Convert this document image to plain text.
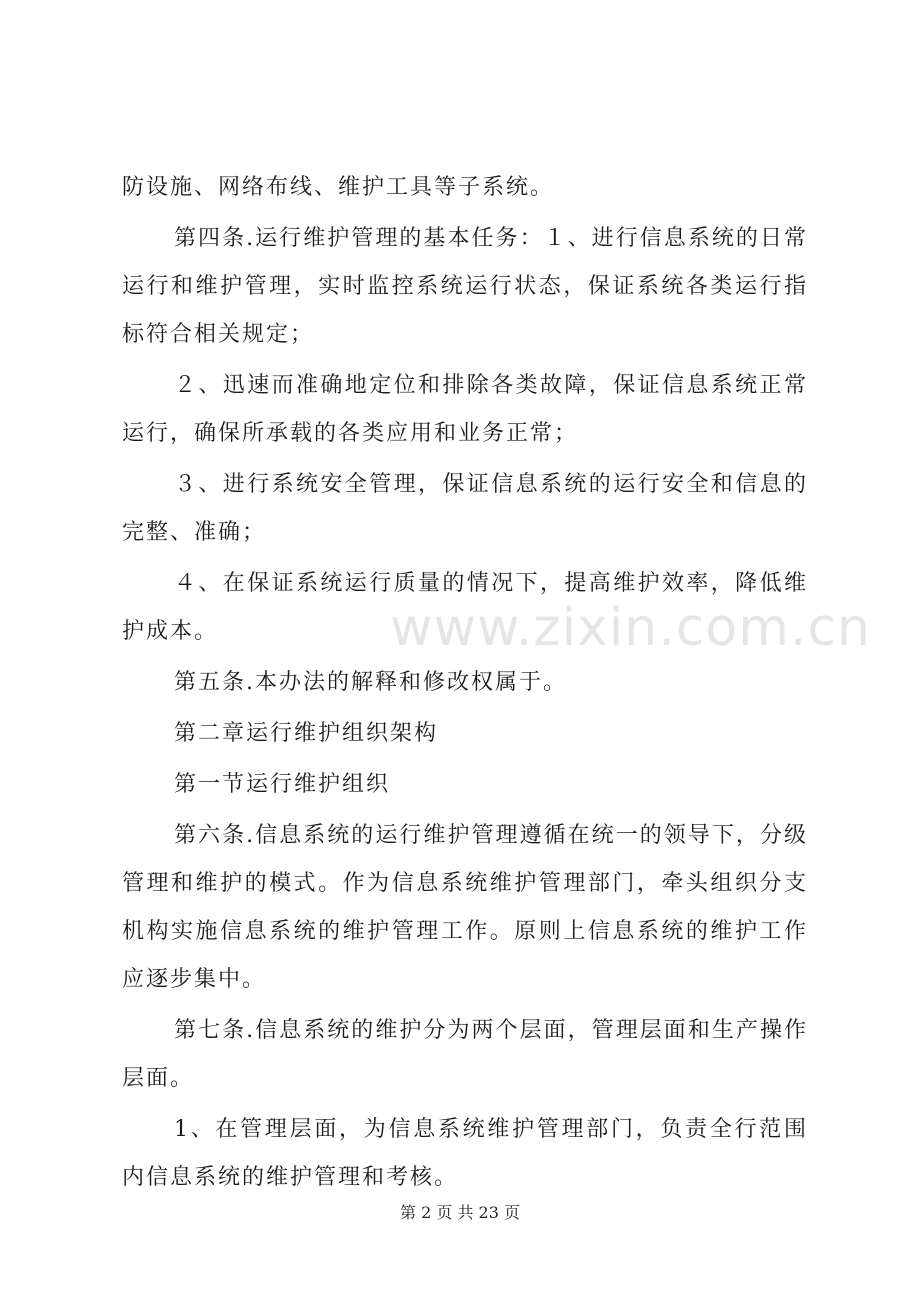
防设施、网络布线、维护工具等子系统。

第四条.运行维护管理的基本任务：１、进行信息系统的日常运行和维护管理，实时监控系统运行状态，保证系统各类运行指标符合相关规定；

２、迅速而准确地定位和排除各类故障，保证信息系统正常运行，确保所承载的各类应用和业务正常；

３、进行系统安全管理，保证信息系统的运行安全和信息的完整、准确；

４、在保证系统运行质量的情况下，提高维护效率，降低维护成本。

第五条.本办法的解释和修改权属于。

第二章运行维护组织架构

第一节运行维护组织

第六条.信息系统的运行维护管理遵循在统一的领导下，分级管理和维护的模式。作为信息系统维护管理部门，牵头组织分支机构实施信息系统的维护管理工作。原则上信息系统的维护工作应逐步集中。

第七条.信息系统的维护分为两个层面，管理层面和生产操作层面。

1、在管理层面，为信息系统维护管理部门，负责全行范围内信息系统的维护管理和考核。

www.zixin.com.cn
第 2 页 共 23 页
